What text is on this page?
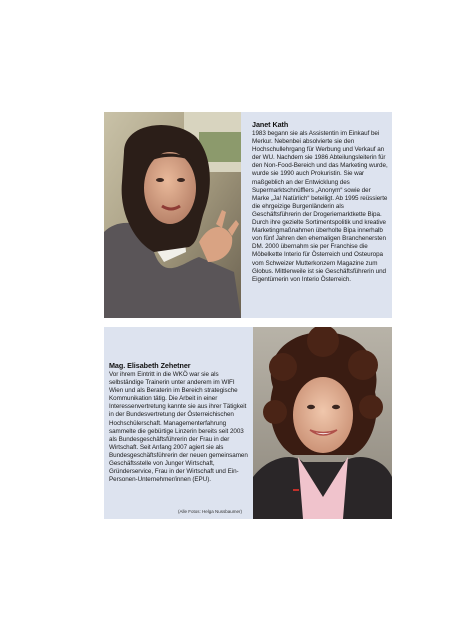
Janet Kath
1983 begann sie als Assistentin im Einkauf bei Merkur. Nebenbei absolvierte sie den Hochschullehrgang für Werbung und Verkauf an der WU. Nachdem sie 1986 Abteilungsleiterin für den Non-Food-Bereich und das Marketing wurde, wurde sie 1990 auch Prokuristin. Sie war maßgeblich an der Entwicklung des Supermarktschnüfflers „Anonym“ sowie der Marke „Ja! Natürlich“ beteiligt. Ab 1995 reüssierte die ehrgeizige Burgenländerin als Geschäftsführerin der Drogeriemarktkette Bipa. Durch ihre gezielte Sortimentspolitik und kreative Marketingmaßnahmen überholte Bipa innerhalb von fünf Jahren den ehemaligen Branchenersten DM. 2000 übernahm sie per Franchise die Möbelkette Interio für Österreich und Osteuropa vom Schweizer Mutterkonzern Magazine zum Globus. Mittlerweile ist sie Geschäftsführerin und Eigentümerin von Interio Österreich.
Mag. Elisabeth Zehetner
Vor ihrem Eintritt in die WKÖ war sie als selbständige Trainerin unter anderem im WIFI Wien und als Beraterin im Bereich strategische Kommunikation tätig. Die Arbeit in einer Interessenvertretung kannte sie aus ihrer Tätigkeit in der Bundesvertretung der Österreichischen Hochschülerschaft. Managementerfahrung sammelte die gebürtige Linzerin bereits seit 2003 als Bundesgeschäftsführerin der Frau in der Wirtschaft. Seit Anfang 2007 agiert sie als Bundesgeschäftsführerin der neuen gemeinsamen Geschäftsstelle von Junger Wirtschaft, Gründerservice, Frau in der Wirtschaft und Ein-Personen-Unternehmer/innen (EPU).
(Alle Fotos: Helga Nussbaumer)
